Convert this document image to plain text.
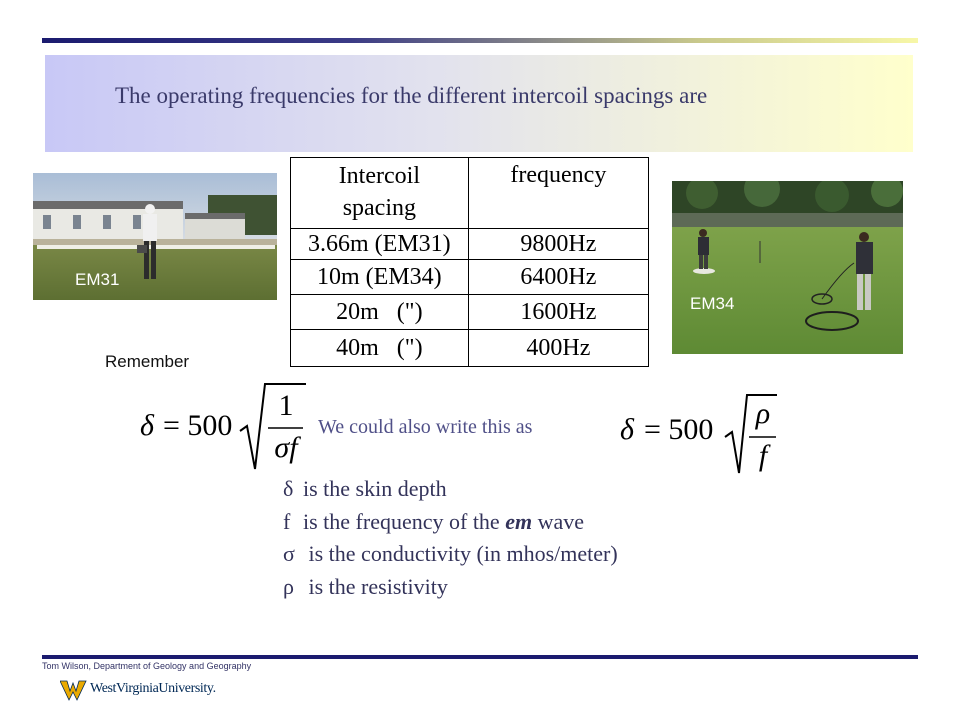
The operating frequencies for the different intercoil spacings are
EM31
Intercoil spacing	frequency
3.66m (EM31)	9800Hz
10m (EM34)	6400Hz
20m   (")	1600Hz
40m   (")	400Hz
EM34
Remember
δ = 500
1
σf
We could also write this as	δ = 500 ρ
f
δ is the skin depth
f is the frequency of the em wave
σ is the conductivity (in mhos/meter)
ρ is the resistivity
Tom Wilson, Department of Geology and Geography
WestVirginiaUniversity.
